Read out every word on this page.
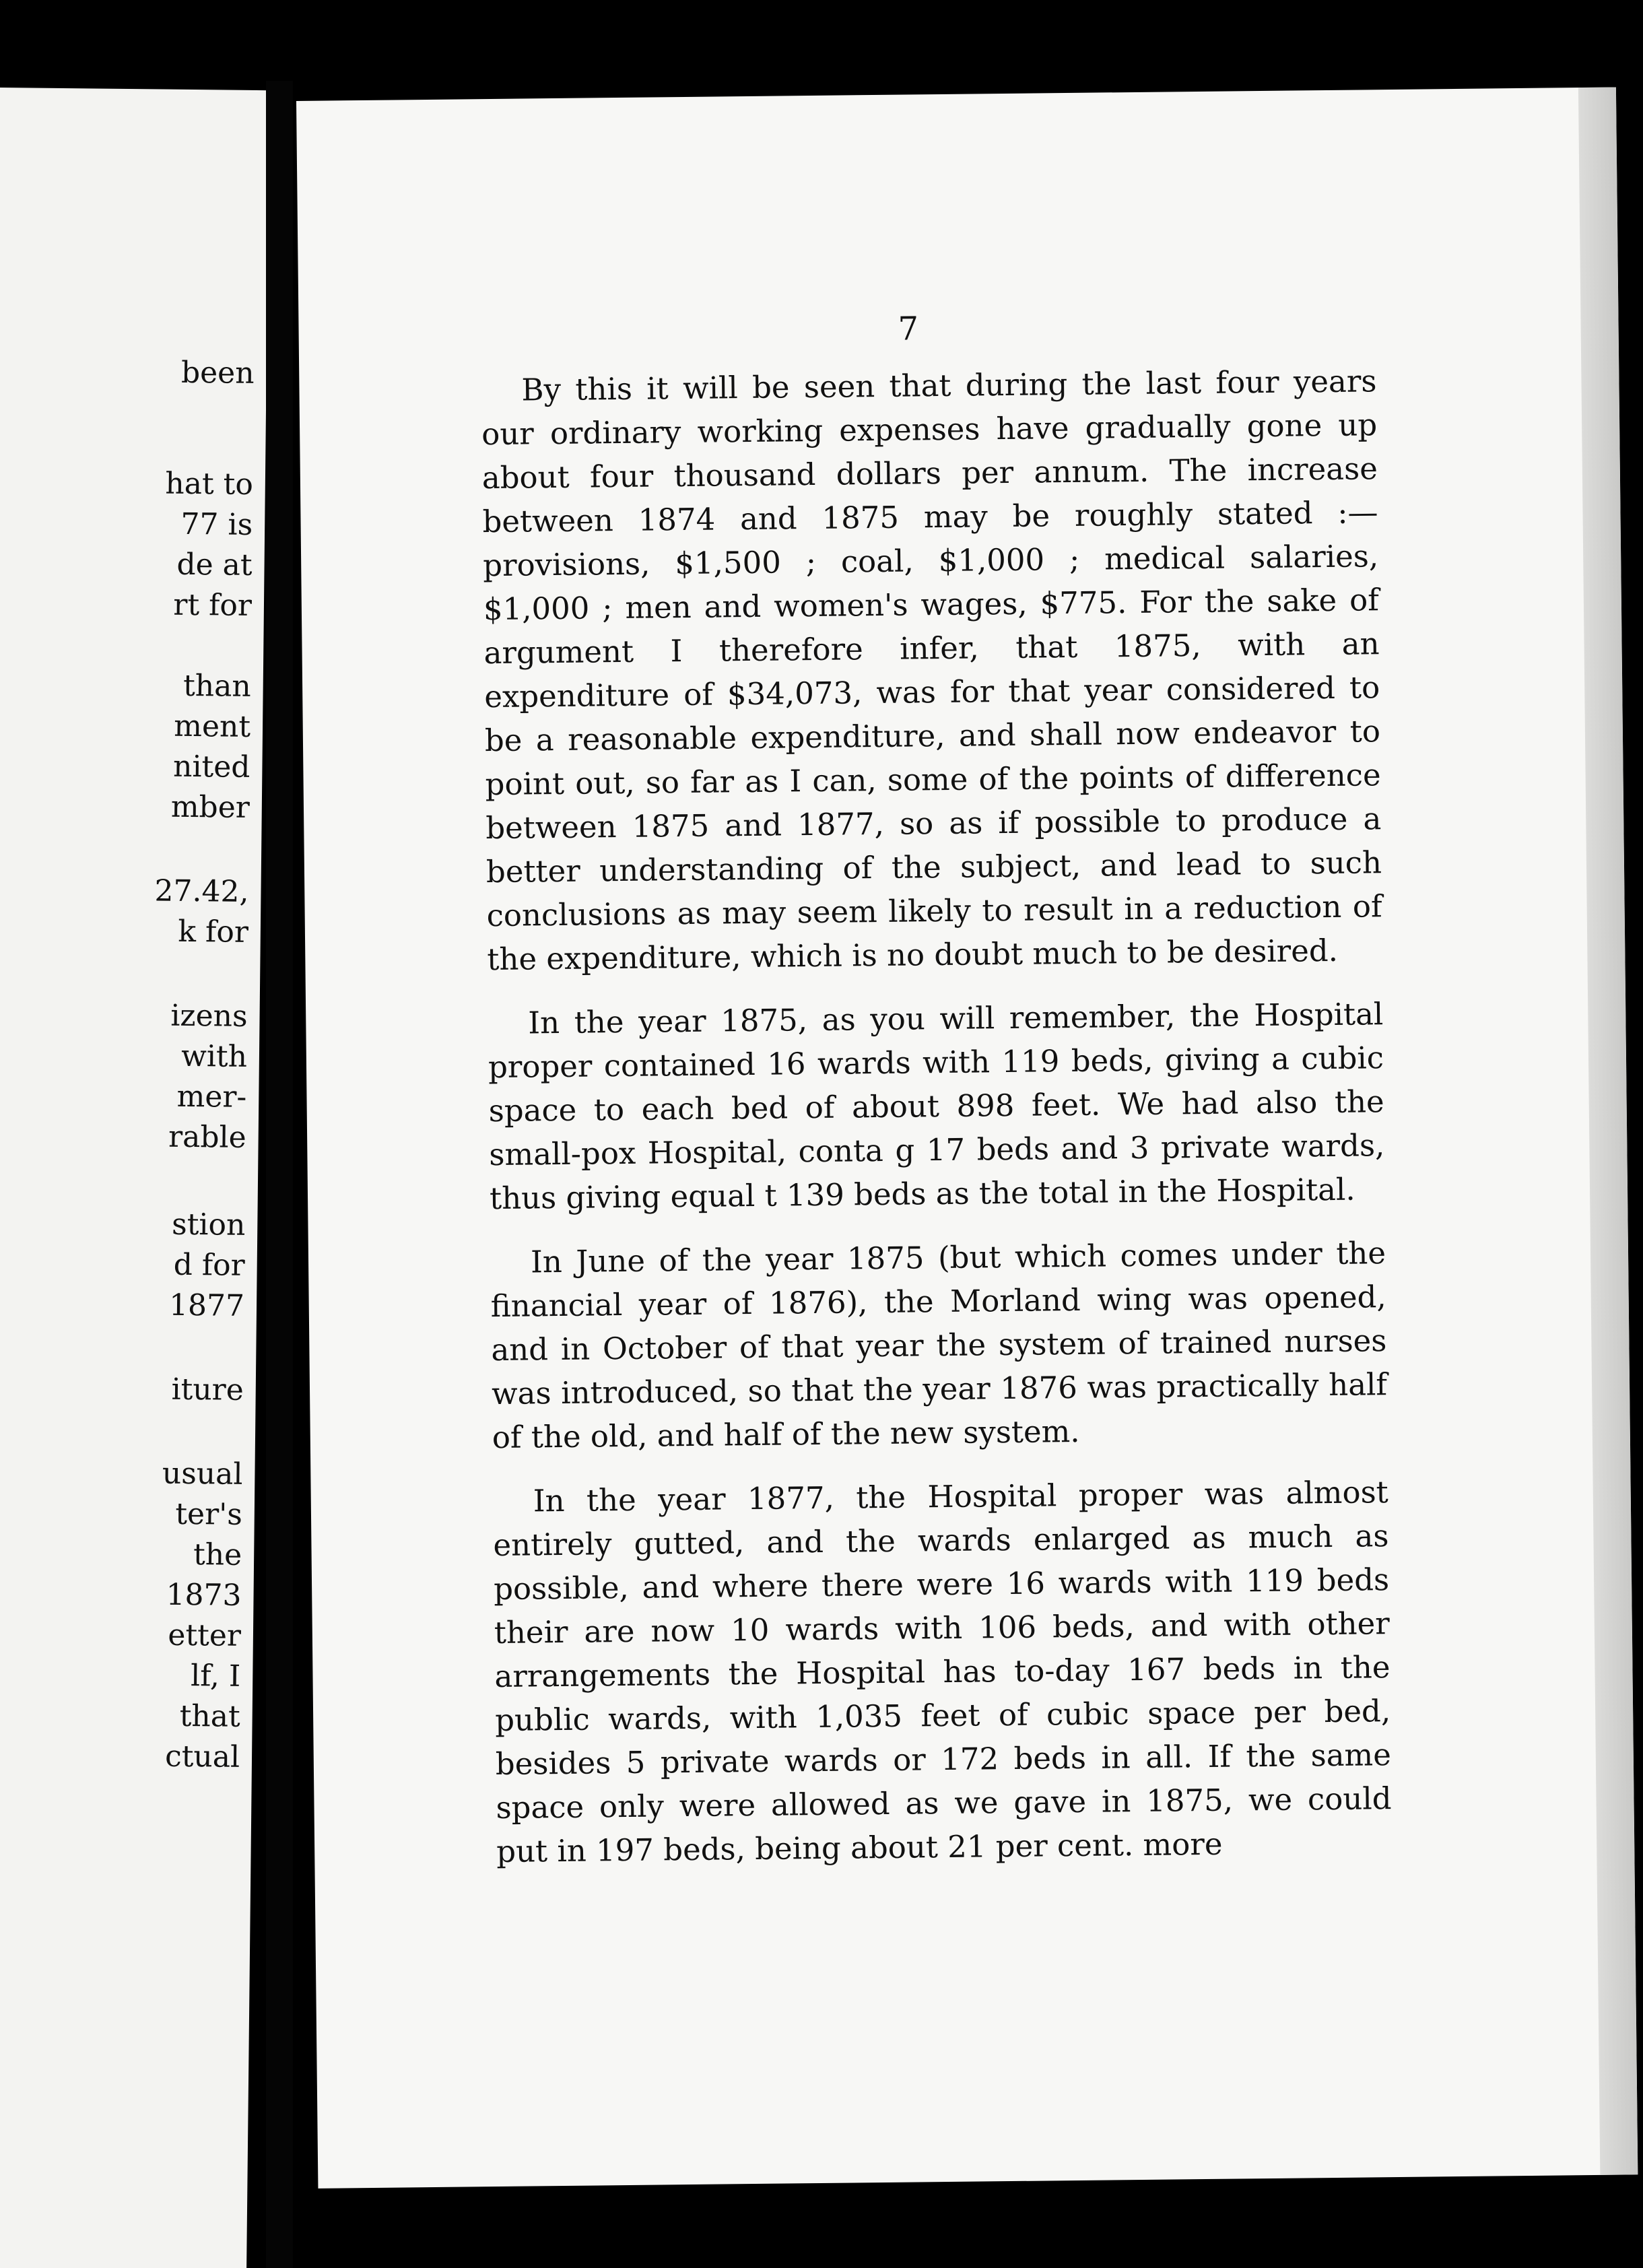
been
hat to
77 is
de at
rt for
than
ment
nited
mber
27.42,
k for
izens
with
mer-
rable
stion
d for
1877
iture
usual
ter's
the
1873
etter
lf, I
that
ctual
7

By this it will be seen that during the last four years our ordinary working expenses have gradually gone up about four thousand dollars per annum. The increase between 1874 and 1875 may be roughly stated :— provisions, $1,500 ; coal, $1,000 ; medical salaries, $1,000 ; men and women's wages, $775. For the sake of argument I therefore infer, that 1875, with an expenditure of $34,073, was for that year considered to be a reasonable expenditure, and shall now endeavor to point out, so far as I can, some of the points of difference between 1875 and 1877, so as if possible to produce a better understanding of the subject, and lead to such conclusions as may seem likely to result in a reduction of the expenditure, which is no doubt much to be desired.

In the year 1875, as you will remember, the Hospital proper contained 16 wards with 119 beds, giving a cubic space to each bed of about 898 feet. We had also the small-pox Hospital, conta g 17 beds and 3 private wards, thus giving equal t 139 beds as the total in the Hospital.

In June of the year 1875 (but which comes under the financial year of 1876), the Morland wing was opened, and in October of that year the system of trained nurses was introduced, so that the year 1876 was practically half of the old, and half of the new system.

In the year 1877, the Hospital proper was almost entirely gutted, and the wards enlarged as much as possible, and where there were 16 wards with 119 beds their are now 10 wards with 106 beds, and with other arrangements the Hospital has to-day 167 beds in the public wards, with 1,035 feet of cubic space per bed, besides 5 private wards or 172 beds in all. If the same space only were allowed as we gave in 1875, we could put in 197 beds, being about 21 per cent. more
